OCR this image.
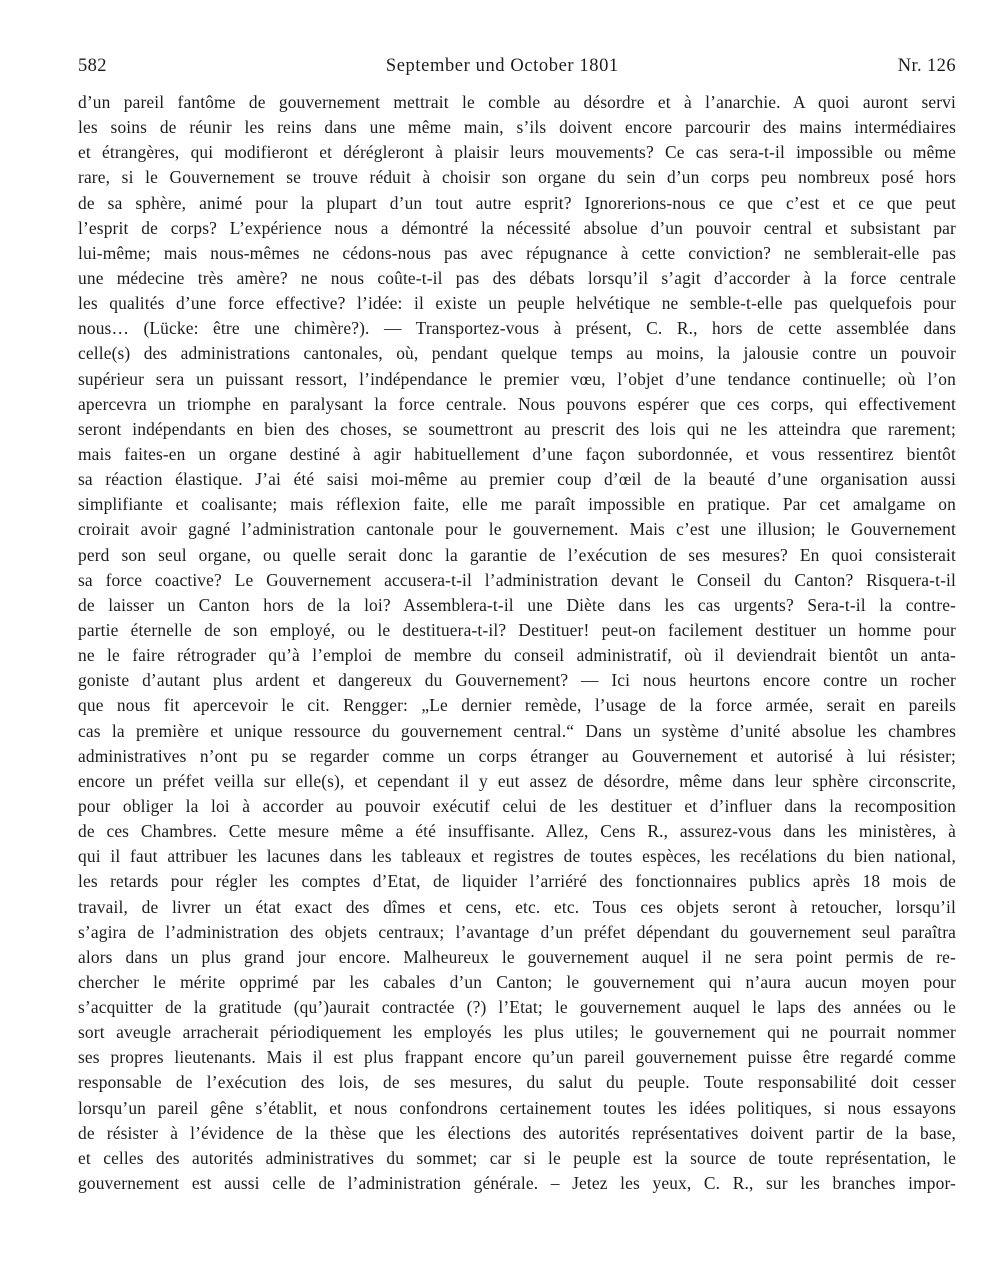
582	September und October 1801	Nr. 126
d’un pareil fantôme de gouvernement mettrait le comble au désordre et à l’anarchie. A quoi auront servi
les soins de réunir les reins dans une même main, s’ils doivent encore parcourir des mains intermédiaires
et étrangères, qui modifieront et dérégleront à plaisir leurs mouvements? Ce cas sera-t-il impossible ou même
rare, si le Gouvernement se trouve réduit à choisir son organe du sein d’un corps peu nombreux posé hors
de sa sphère, animé pour la plupart d’un tout autre esprit? Ignorerions-nous ce que c’est et ce que peut
l’esprit de corps? L’expérience nous a démontré la nécessité absolue d’un pouvoir central et subsistant par
lui-même; mais nous-mêmes ne cédons-nous pas avec répugnance à cette conviction? ne semblerait-elle pas
une médecine très amère? ne nous coûte-t-il pas des débats lorsqu’il s’agit d’accorder à la force centrale
les qualités d’une force effective? l’idée: il existe un peuple helvétique ne semble-t-elle pas quelquefois pour
nous… (Lücke: être une chimère?). — Transportez-vous à présent, C. R., hors de cette assemblée dans
celle(s) des administrations cantonales, où, pendant quelque temps au moins, la jalousie contre un pouvoir
supérieur sera un puissant ressort, l’indépendance le premier vœu, l’objet d’une tendance continuelle; où l’on
apercevra un triomphe en paralysant la force centrale. Nous pouvons espérer que ces corps, qui effectivement
seront indépendants en bien des choses, se soumettront au prescrit des lois qui ne les atteindra que rarement;
mais faites-en un organe destiné à agir habituellement d’une façon subordonnée, et vous ressentirez bientôt
sa réaction élastique. J’ai été saisi moi-même au premier coup d’œil de la beauté d’une organisation aussi
simplifiante et coalisante; mais réflexion faite, elle me paraît impossible en pratique. Par cet amalgame on
croirait avoir gagné l’administration cantonale pour le gouvernement. Mais c’est une illusion; le Gouvernement
perd son seul organe, ou quelle serait donc la garantie de l’exécution de ses mesures? En quoi consisterait
sa force coactive? Le Gouvernement accusera-t-il l’administration devant le Conseil du Canton? Risquera-t-il
de laisser un Canton hors de la loi? Assemblera-t-il une Diète dans les cas urgents? Sera-t-il la contre-
partie éternelle de son employé, ou le destituera-t-il? Destituer! peut-on facilement destituer un homme pour
ne le faire rétrograder qu’à l’emploi de membre du conseil administratif, où il deviendrait bientôt un anta-
goniste d’autant plus ardent et dangereux du Gouvernement? — Ici nous heurtons encore contre un rocher
que nous fit apercevoir le cit. Rengger: „Le dernier remède, l’usage de la force armée, serait en pareils
cas la première et unique ressource du gouvernement central.“ Dans un système d’unité absolue les chambres
administratives n’ont pu se regarder comme un corps étranger au Gouvernement et autorisé à lui résister;
encore un préfet veilla sur elle(s), et cependant il y eut assez de désordre, même dans leur sphère circonscrite,
pour obliger la loi à accorder au pouvoir exécutif celui de les destituer et d’influer dans la recomposition
de ces Chambres. Cette mesure même a été insuffisante. Allez, Cens R., assurez-vous dans les ministères, à
qui il faut attribuer les lacunes dans les tableaux et registres de toutes espèces, les recélations du bien national,
les retards pour régler les comptes d’Etat, de liquider l’arriéré des fonctionnaires publics après 18 mois de
travail, de livrer un état exact des dîmes et cens, etc. etc. Tous ces objets seront à retoucher, lorsqu’il
s’agira de l’administration des objets centraux; l’avantage d’un préfet dépendant du gouvernement seul paraîtra
alors dans un plus grand jour encore. Malheureux le gouvernement auquel il ne sera point permis de re-
chercher le mérite opprimé par les cabales d’un Canton; le gouvernement qui n’aura aucun moyen pour
s’acquitter de la gratitude (qu’)aurait contractée (?) l’Etat; le gouvernement auquel le laps des années ou le
sort aveugle arracherait périodiquement les employés les plus utiles; le gouvernement qui ne pourrait nommer
ses propres lieutenants. Mais il est plus frappant encore qu’un pareil gouvernement puisse être regardé comme
responsable de l’exécution des lois, de ses mesures, du salut du peuple. Toute responsabilité doit cesser
lorsqu’un pareil gêne s’établit, et nous confondrons certainement toutes les idées politiques, si nous essayons
de résister à l’évidence de la thèse que les élections des autorités représentatives doivent partir de la base,
et celles des autorités administratives du sommet; car si le peuple est la source de toute représentation, le
gouvernement est aussi celle de l’administration générale. – Jetez les yeux, C. R., sur les branches impor-
